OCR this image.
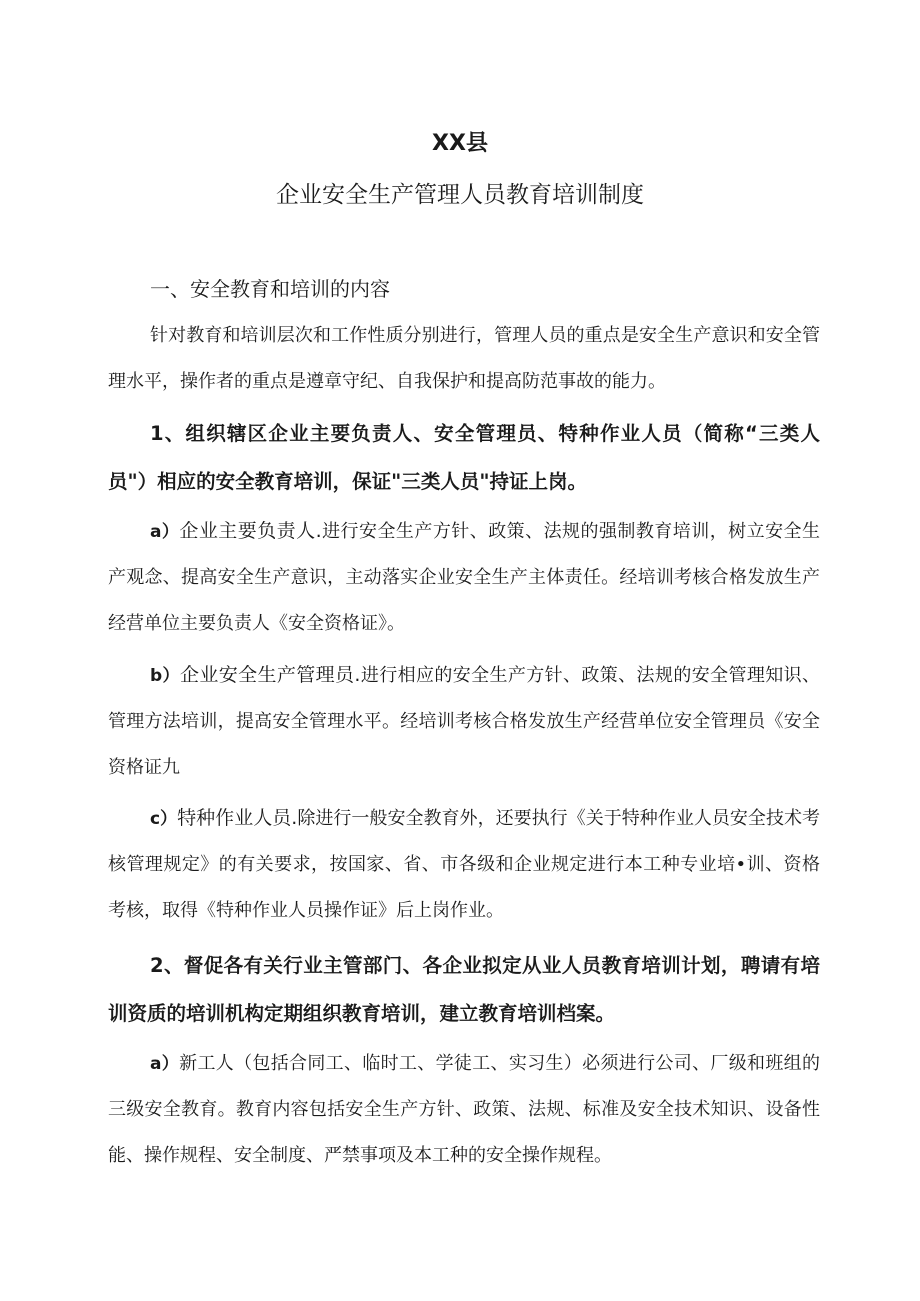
XX县
企业安全生产管理人员教育培训制度
一、安全教育和培训的内容

针对教育和培训层次和工作性质分别进行，管理人员的重点是安全生产意识和安全管理水平，操作者的重点是遵章守纪、自我保护和提高防范事故的能力。

1、组织辖区企业主要负责人、安全管理员、特种作业人员（简称“三类人员"）相应的安全教育培训，保证"三类人员"持证上岗。

a）企业主要负责人.进行安全生产方针、政策、法规的强制教育培训，树立安全生产观念、提高安全生产意识，主动落实企业安全生产主体责任。经培训考核合格发放生产经营单位主要负责人《安全资格证》。

b）企业安全生产管理员.进行相应的安全生产方针、政策、法规的安全管理知识、管理方法培训，提高安全管理水平。经培训考核合格发放生产经营单位安全管理员《安全资格证九

c）特种作业人员.除进行一般安全教育外，还要执行《关于特种作业人员安全技术考核管理规定》的有关要求，按国家、省、市各级和企业规定进行本工种专业培•训、资格考核，取得《特种作业人员操作证》后上岗作业。

2、督促各有关行业主管部门、各企业拟定从业人员教育培训计划，聘请有培训资质的培训机构定期组织教育培训，建立教育培训档案。

a）新工人（包括合同工、临时工、学徒工、实习生）必须进行公司、厂级和班组的三级安全教育。教育内容包括安全生产方针、政策、法规、标准及安全技术知识、设备性能、操作规程、安全制度、严禁事项及本工种的安全操作规程。
